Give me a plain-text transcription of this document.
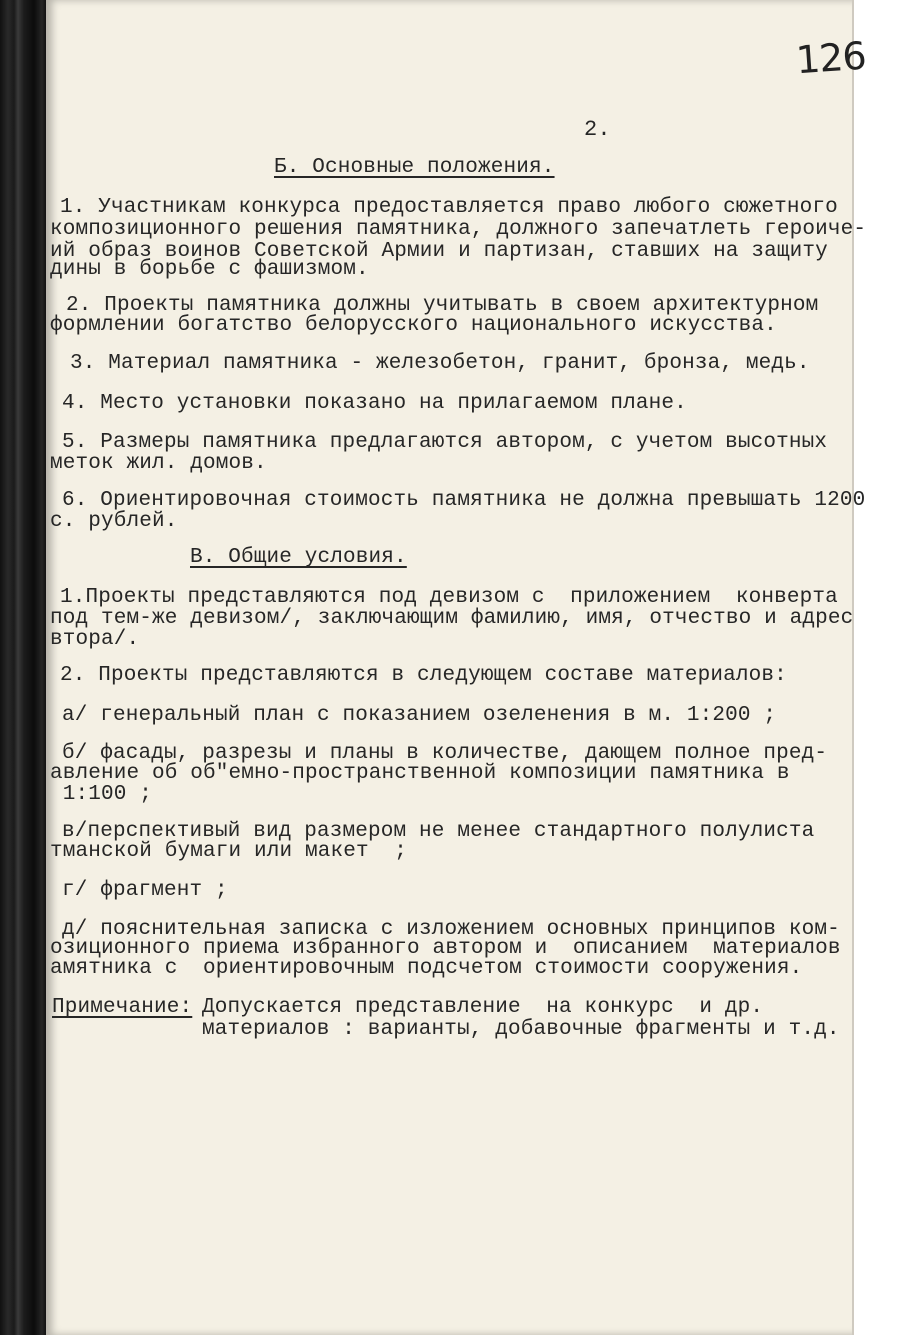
126
2.
Б. Основные положения.
1. Участникам конкурса предоставляется право любого сюжетного
композиционного решения памятника, должного запечатлеть героиче-
ий образ воинов Советской Армии и партизан, ставших на защиту
дины в борьбе с фашизмом.
2. Проекты памятника должны учитывать в своем архитектурном
формлении богатство белорусского национального искусства.
3. Материал памятника - железобетон, гранит, бронза, медь.
4. Место установки показано на прилагаемом плане.
5. Размеры памятника предлагаются автором, с учетом высотных
меток жил. домов.
6. Ориентировочная стоимость памятника не должна превышать 1200
с. рублей.
В. Общие условия.
1.Проекты представляются под девизом с  приложением  конверта
под тем-же девизом/, заключающим фамилию, имя, отчество и адрес
втора/.
2. Проекты представляются в следующем составе материалов:
а/ генеральный план с показанием озеленения в м. 1:200 ;
б/ фасады, разрезы и планы в количестве, дающем полное пред-
авление об об"емно-пространственной композиции памятника в
1:100 ;
в/перспективый вид размером не менее стандартного полулиста
тманской бумаги или макет  ;
г/ фрагмент ;
д/ пояснительная записка с изложением основных принципов ком-
озиционного приема избранного автором и  описанием  материалов
амятника с  ориентировочным подсчетом стоимости сооружения.
Примечание: Допускается представление  на конкурс  и др.
материалов : варианты, добавочные фрагменты и т.д.
